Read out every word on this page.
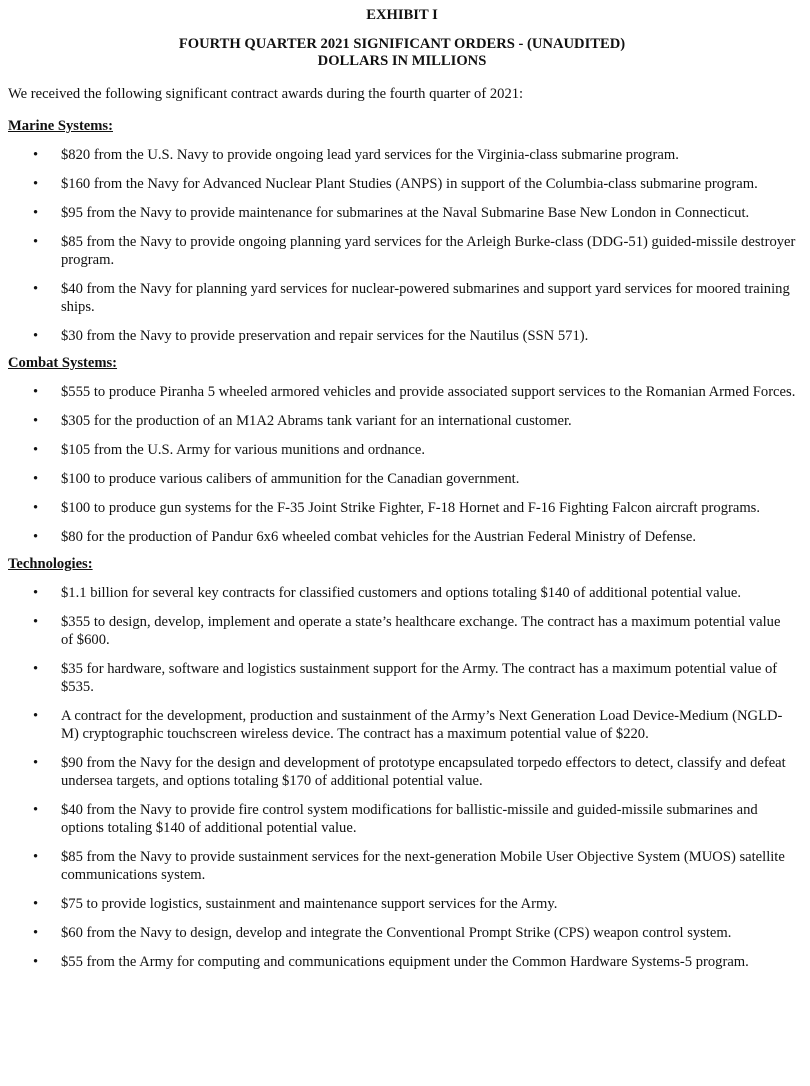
EXHIBIT I
FOURTH QUARTER 2021 SIGNIFICANT ORDERS - (UNAUDITED)
DOLLARS IN MILLIONS

We received the following significant contract awards during the fourth quarter of 2021:

Marine Systems:
• $820 from the U.S. Navy to provide ongoing lead yard services for the Virginia-class submarine program.
• $160 from the Navy for Advanced Nuclear Plant Studies (ANPS) in support of the Columbia-class submarine program.
• $95 from the Navy to provide maintenance for submarines at the Naval Submarine Base New London in Connecticut.
• $85 from the Navy to provide ongoing planning yard services for the Arleigh Burke-class (DDG-51) guided-missile destroyer program.
• $40 from the Navy for planning yard services for nuclear-powered submarines and support yard services for moored training ships.
• $30 from the Navy to provide preservation and repair services for the Nautilus (SSN 571).
Combat Systems:
• $555 to produce Piranha 5 wheeled armored vehicles and provide associated support services to the Romanian Armed Forces.
• $305 for the production of an M1A2 Abrams tank variant for an international customer.
• $105 from the U.S. Army for various munitions and ordnance.
• $100 to produce various calibers of ammunition for the Canadian government.
• $100 to produce gun systems for the F-35 Joint Strike Fighter, F-18 Hornet and F-16 Fighting Falcon aircraft programs.
• $80 for the production of Pandur 6x6 wheeled combat vehicles for the Austrian Federal Ministry of Defense.
Technologies:
• $1.1 billion for several key contracts for classified customers and options totaling $140 of additional potential value.
• $355 to design, develop, implement and operate a state’s healthcare exchange. The contract has a maximum potential value of $600.
• $35 for hardware, software and logistics sustainment support for the Army. The contract has a maximum potential value of $535.
• A contract for the development, production and sustainment of the Army’s Next Generation Load Device-Medium (NGLD-M) cryptographic touchscreen wireless device. The contract has a maximum potential value of $220.
• $90 from the Navy for the design and development of prototype encapsulated torpedo effectors to detect, classify and defeat undersea targets, and options totaling $170 of additional potential value.
• $40 from the Navy to provide fire control system modifications for ballistic-missile and guided-missile submarines and options totaling $140 of additional potential value.
• $85 from the Navy to provide sustainment services for the next-generation Mobile User Objective System (MUOS) satellite communications system.
• $75 to provide logistics, sustainment and maintenance support services for the Army.
• $60 from the Navy to design, develop and integrate the Conventional Prompt Strike (CPS) weapon control system.
• $55 from the Army for computing and communications equipment under the Common Hardware Systems-5 program.
